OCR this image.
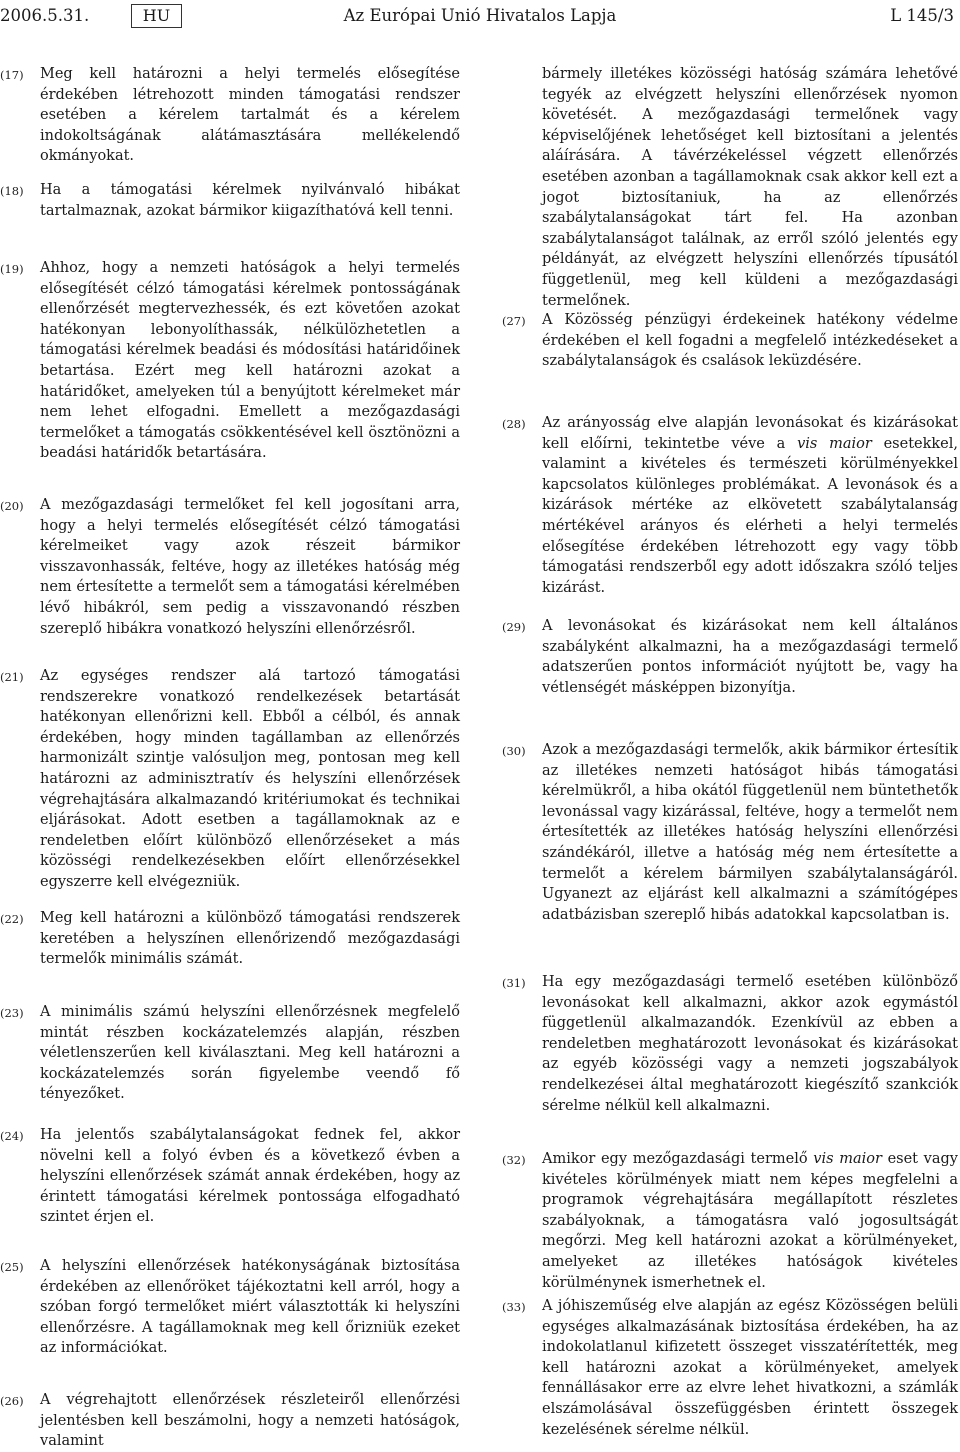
2006.5.31.	HU	Az Európai Unió Hivatalos Lapja	L 145/3

(17) Meg kell határozni a helyi termelés elősegítése érdekében létrehozott minden támogatási rendszer esetében a kérelem tartalmát és a kérelem indokoltságának alátámasztására mellékelendő okmányokat.

(18) Ha a támogatási kérelmek nyilvánvaló hibákat tartalmaznak, azokat bármikor kiigazíthatóvá kell tenni.

(19) Ahhoz, hogy a nemzeti hatóságok a helyi termelés elősegítését célzó támogatási kérelmek pontosságának ellenőrzését megtervezhessék, és ezt követően azokat hatékonyan lebonyolíthassák, nélkülözhetetlen a támogatási kérelmek beadási és módosítási határidőinek betartása. Ezért meg kell határozni azokat a határidőket, amelyeken túl a benyújtott kérelmeket már nem lehet elfogadni. Emellett a mezőgazdasági termelőket a támogatás csökkentésével kell ösztönözni a beadási határidők betartására.

(20) A mezőgazdasági termelőket fel kell jogosítani arra, hogy a helyi termelés elősegítését célzó támogatási kérelmeiket vagy azok részeit bármikor visszavonhassák, feltéve, hogy az illetékes hatóság még nem értesítette a termelőt sem a támogatási kérelmében lévő hibákról, sem pedig a visszavonandó részben szereplő hibákra vonatkozó helyszíni ellenőrzésről.

(21) Az egységes rendszer alá tartozó támogatási rendszerekre vonatkozó rendelkezések betartását hatékonyan ellenőrizni kell. Ebből a célból, és annak érdekében, hogy minden tagállamban az ellenőrzés harmonizált szintje valósuljon meg, pontosan meg kell határozni az adminisztratív és helyszíni ellenőrzések végrehajtására alkalmazandó kritériumokat és technikai eljárásokat. Adott esetben a tagállamoknak az e rendeletben előírt különböző ellenőrzéseket a más közösségi rendelkezésekben előírt ellenőrzésekkel egyszerre kell elvégezniük.

(22) Meg kell határozni a különböző támogatási rendszerek keretében a helyszínen ellenőrizendő mezőgazdasági termelők minimális számát.

(23) A minimális számú helyszíni ellenőrzésnek megfelelő mintát részben kockázatelemzés alapján, részben véletlenszerűen kell kiválasztani. Meg kell határozni a kockázatelemzés során figyelembe veendő fő tényezőket.

(24) Ha jelentős szabálytalanságokat fednek fel, akkor növelni kell a folyó évben és a következő évben a helyszíni ellenőrzések számát annak érdekében, hogy az érintett támogatási kérelmek pontossága elfogadható szintet érjen el.

(25) A helyszíni ellenőrzések hatékonyságának biztosítása érdekében az ellenőröket tájékoztatni kell arról, hogy a szóban forgó termelőket miért választották ki helyszíni ellenőrzésre. A tagállamoknak meg kell őrizniük ezeket az információkat.

(26) A végrehajtott ellenőrzések részleteiről ellenőrzési jelentésben kell beszámolni, hogy a nemzeti hatóságok, valamint

bármely illetékes közösségi hatóság számára lehetővé tegyék az elvégzett helyszíni ellenőrzések nyomon követését. A mezőgazdasági termelőnek vagy képviselőjének lehetőséget kell biztosítani a jelentés aláírására. A távérzékeléssel végzett ellenőrzés esetében azonban a tagállamoknak csak akkor kell ezt a jogot biztosítaniuk, ha az ellenőrzés szabálytalanságokat tárt fel. Ha azonban szabálytalanságot találnak, az erről szóló jelentés egy példányát, az elvégzett helyszíni ellenőrzés típusától függetlenül, meg kell küldeni a mezőgazdasági termelőnek.

(27) A Közösség pénzügyi érdekeinek hatékony védelme érdekében el kell fogadni a megfelelő intézkedéseket a szabálytalanságok és csalások leküzdésére.

(28) Az arányosság elve alapján levonásokat és kizárásokat kell előírni, tekintetbe véve a vis maior esetekkel, valamint a kivételes és természeti körülményekkel kapcsolatos különleges problémákat. A levonások és a kizárások mértéke az elkövetett szabálytalanság mértékével arányos és elérheti a helyi termelés elősegítése érdekében létrehozott egy vagy több támogatási rendszerből egy adott időszakra szóló teljes kizárást.

(29) A levonásokat és kizárásokat nem kell általános szabályként alkalmazni, ha a mezőgazdasági termelő adatszerűen pontos információt nyújtott be, vagy ha vétlenségét másképpen bizonyítja.

(30) Azok a mezőgazdasági termelők, akik bármikor értesítik az illetékes nemzeti hatóságot hibás támogatási kérelmükről, a hiba okától függetlenül nem büntethetők levonással vagy kizárással, feltéve, hogy a termelőt nem értesítették az illetékes hatóság helyszíni ellenőrzési szándékáról, illetve a hatóság még nem értesítette a termelőt a kérelem bármilyen szabálytalanságáról. Ugyanezt az eljárást kell alkalmazni a számítógépes adatbázisban szereplő hibás adatokkal kapcsolatban is.

(31) Ha egy mezőgazdasági termelő esetében különböző levonásokat kell alkalmazni, akkor azok egymástól függetlenül alkalmazandók. Ezenkívül az ebben a rendeletben meghatározott levonásokat és kizárásokat az egyéb közösségi vagy a nemzeti jogszabályok rendelkezései által meghatározott kiegészítő szankciók sérelme nélkül kell alkalmazni.

(32) Amikor egy mezőgazdasági termelő vis maior eset vagy kivételes körülmények miatt nem képes megfelelni a programok végrehajtására megállapított részletes szabályoknak, a támogatásra való jogosultságát megőrzi. Meg kell határozni azokat a körülményeket, amelyeket az illetékes hatóságok kivételes körülménynek ismerhetnek el.

(33) A jóhiszeműség elve alapján az egész Közösségen belüli egységes alkalmazásának biztosítása érdekében, ha az indokolatlanul kifizetett összeget visszatérítették, meg kell határozni azokat a körülményeket, amelyek fennállásakor erre az elvre lehet hivatkozni, a számlák elszámolásával összefüggésben érintett összegek kezelésének sérelme nélkül.
